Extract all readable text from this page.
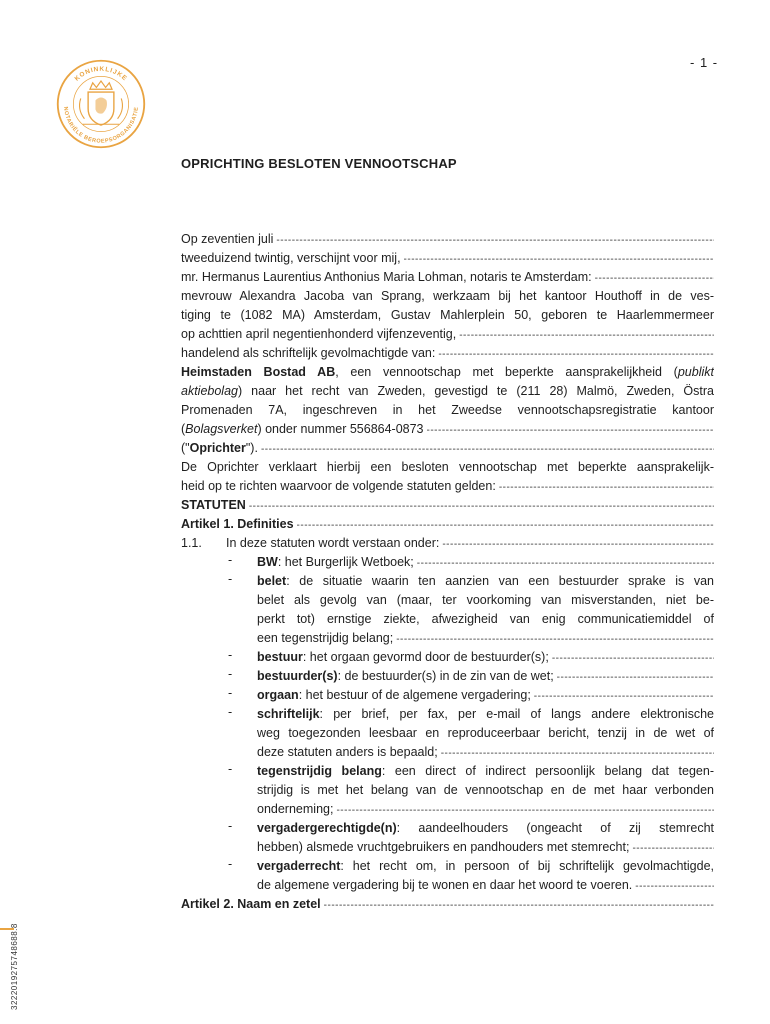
KONINKLIJKE
NOTARIËLE BEROEPSORGANISATIE
- 1 -
OPRICHTING BESLOTEN VENNOOTSCHAP
Op zeventien juli
-----
tweeduizend twintig, verschijnt voor mij,
-----
mr. Hermanus Laurentius Anthonius Maria Lohman, notaris te Amsterdam:
-----
mevrouw Alexandra Jacoba van Sprang, werkzaam bij het kantoor Houthoff in de ves-
tiging te (1082 MA) Amsterdam, Gustav Mahlerplein 50, geboren te Haarlemmermeer
op achttien april negentienhonderd vijfenzeventig,
-----
handelend als schriftelijk gevolmachtigde van:
-----
Heimstaden Bostad AB, een vennootschap met beperkte aansprakelijkheid (publikt
aktiebolag) naar het recht van Zweden, gevestigd te (211 28) Malmö, Zweden, Östra
Promenaden 7A, ingeschreven in het Zweedse vennootschapsregistratie kantoor
(Bolagsverket) onder nummer 556864-0873
-----
("Oprichter").
-----
De Oprichter verklaart hierbij een besloten vennootschap met beperkte aansprakelijk-
heid op te richten waarvoor de volgende statuten gelden:
-----
STATUTEN
-----
Artikel 1. Definities
-----
1.1.	In deze statuten wordt verstaan onder:
-----
- BW: het Burgerlijk Wetboek;
-----
- belet: de situatie waarin ten aanzien van een bestuurder sprake is van
belet als gevolg van (maar, ter voorkoming van misverstanden, niet be-
perkt tot) ernstige ziekte, afwezigheid van enig communicatiemiddel of
een tegenstrijdig belang;
-----
- bestuur: het orgaan gevormd door de bestuurder(s);
-----
- bestuurder(s): de bestuurder(s) in de zin van de wet;
-----
- orgaan: het bestuur of de algemene vergadering;
-----
- schriftelijk: per brief, per fax, per e-mail of langs andere elektronische
weg toegezonden leesbaar en reproduceerbaar bericht, tenzij in de wet of
deze statuten anders is bepaald;
-----
- tegenstrijdig belang: een direct of indirect persoonlijk belang dat tegen-
strijdig is met het belang van de vennootschap en de met haar verbonden
onderneming;
-----
- vergadergerechtigde(n): aandeelhouders (ongeacht of zij stemrecht
hebben) alsmede vruchtgebruikers en pandhouders met stemrecht;
-----
- vergaderrecht: het recht om, in persoon of bij schriftelijk gevolmachtigde,
de algemene vergadering bij te wonen en daar het woord te voeren.
-----
Artikel 2. Naam en zetel
-----
3222019275748688.8
